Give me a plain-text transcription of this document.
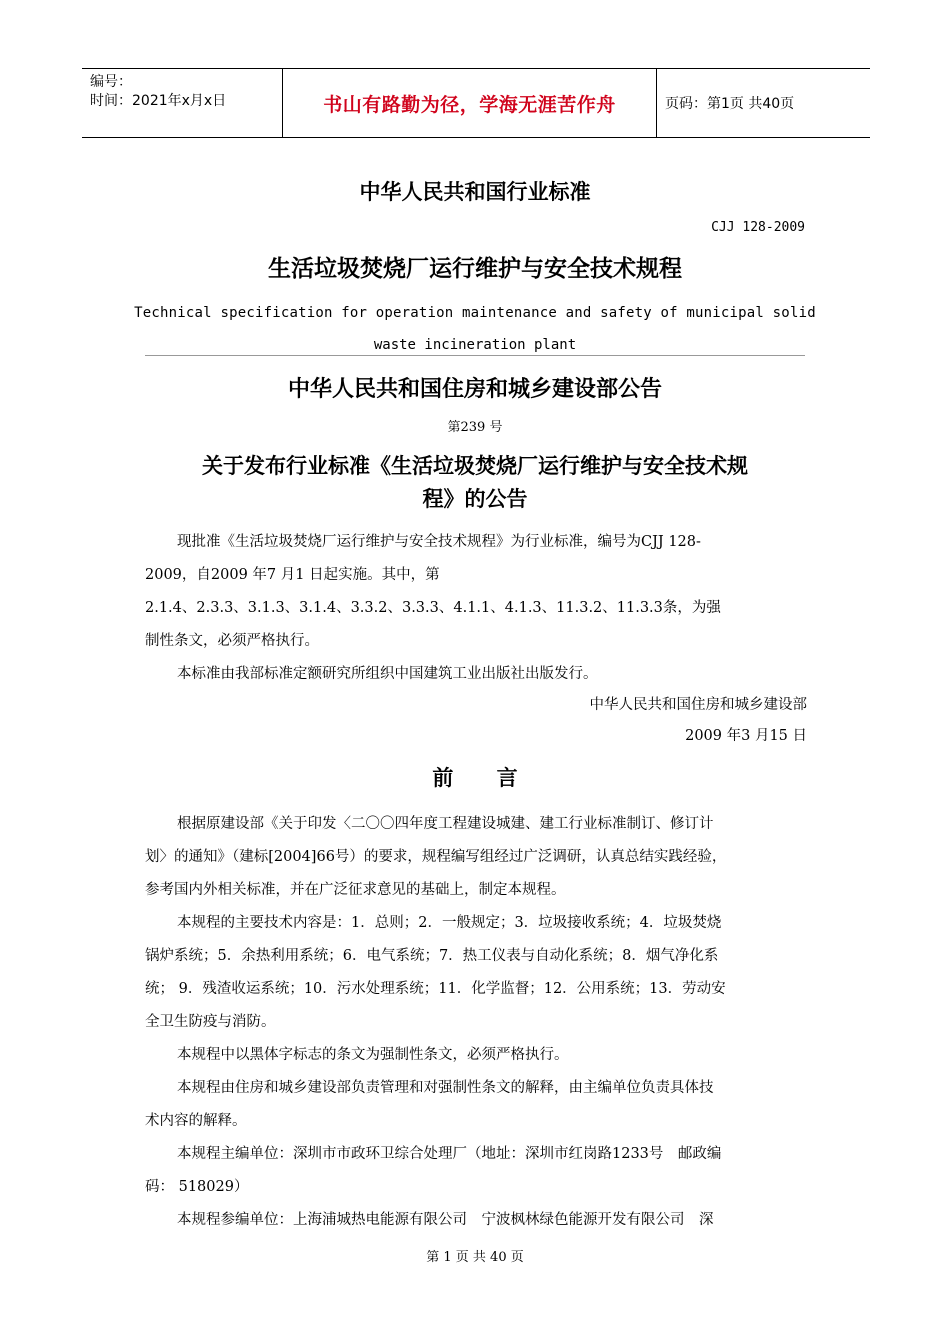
编号：
时间：2021年x月x日	书山有路勤为径，学海无涯苦作舟	页码：第1页 共40页
中华人民共和国行业标准
CJJ 128-2009
生活垃圾焚烧厂运行维护与安全技术规程
Technical specification for operation maintenance and safety of municipal solid
waste incineration plant
中华人民共和国住房和城乡建设部公告
第239 号
关于发布行业标准《生活垃圾焚烧厂运行维护与安全技术规
程》的公告

现批准《生活垃圾焚烧厂运行维护与安全技术规程》为行业标准，编号为CJJ 128-

2009，自2009 年7 月1 日起实施。其中，第

2.1.4、2.3.3、3.1.3、3.1.4、3.3.2、3.3.3、4.1.1、4.1.3、11.3.2、11.3.3条，为强

制性条文，必须严格执行。

本标准由我部标准定额研究所组织中国建筑工业出版社出版发行。

中华人民共和国住房和城乡建设部
2009 年3 月15 日
前 言

根据原建设部《关于印发〈二〇〇四年度工程建设城建、建工行业标准制订、修订计

划〉的通知》（建标[2004]66号）的要求，规程编写组经过广泛调研，认真总结实践经验，

参考国内外相关标准，并在广泛征求意见的基础上，制定本规程。

本规程的主要技术内容是：1．总则；2．一般规定；3．垃圾接收系统；4．垃圾焚烧

锅炉系统；5．余热利用系统；6．电气系统；7．热工仪表与自动化系统；8．烟气净化系

统； 9．残渣收运系统；10．污水处理系统；11．化学监督；12．公用系统；13．劳动安

全卫生防疫与消防。

本规程中以黑体字标志的条文为强制性条文，必须严格执行。

本规程由住房和城乡建设部负责管理和对强制性条文的解释，由主编单位负责具体技

术内容的解释。

本规程主编单位：深圳市市政环卫综合处理厂（地址：深圳市红岗路1233号　邮政编

码： 518029）

本规程参编单位：上海浦城热电能源有限公司　宁波枫林绿色能源开发有限公司　深

第 1 页 共 40 页
